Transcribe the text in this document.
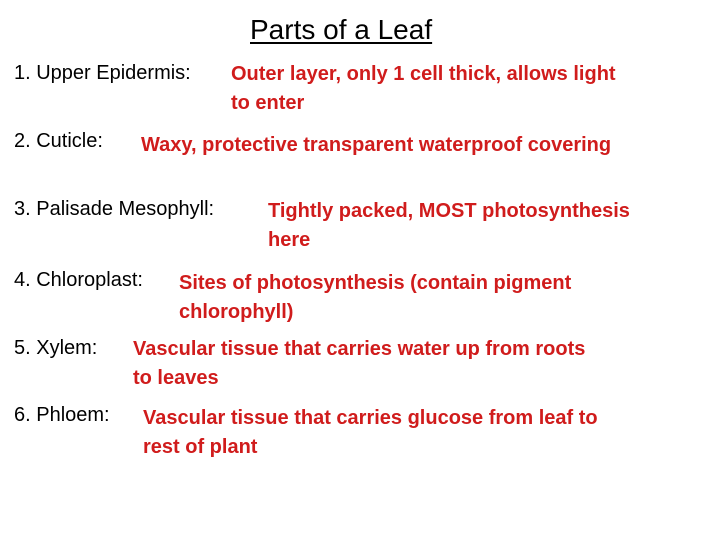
Parts of a Leaf
1. Upper Epidermis: Outer layer, only 1 cell thick, allows light
to enter
2. Cuticle: Waxy, protective transparent waterproof covering
3. Palisade Mesophyll:	Tightly packed, MOST photosynthesis
here
4. Chloroplast: Sites of photosynthesis (contain pigment
chlorophyll)
5. Xylem: Vascular tissue that carries water up from roots
to leaves
6. Phloem: Vascular tissue that carries glucose from leaf to
rest of plant
